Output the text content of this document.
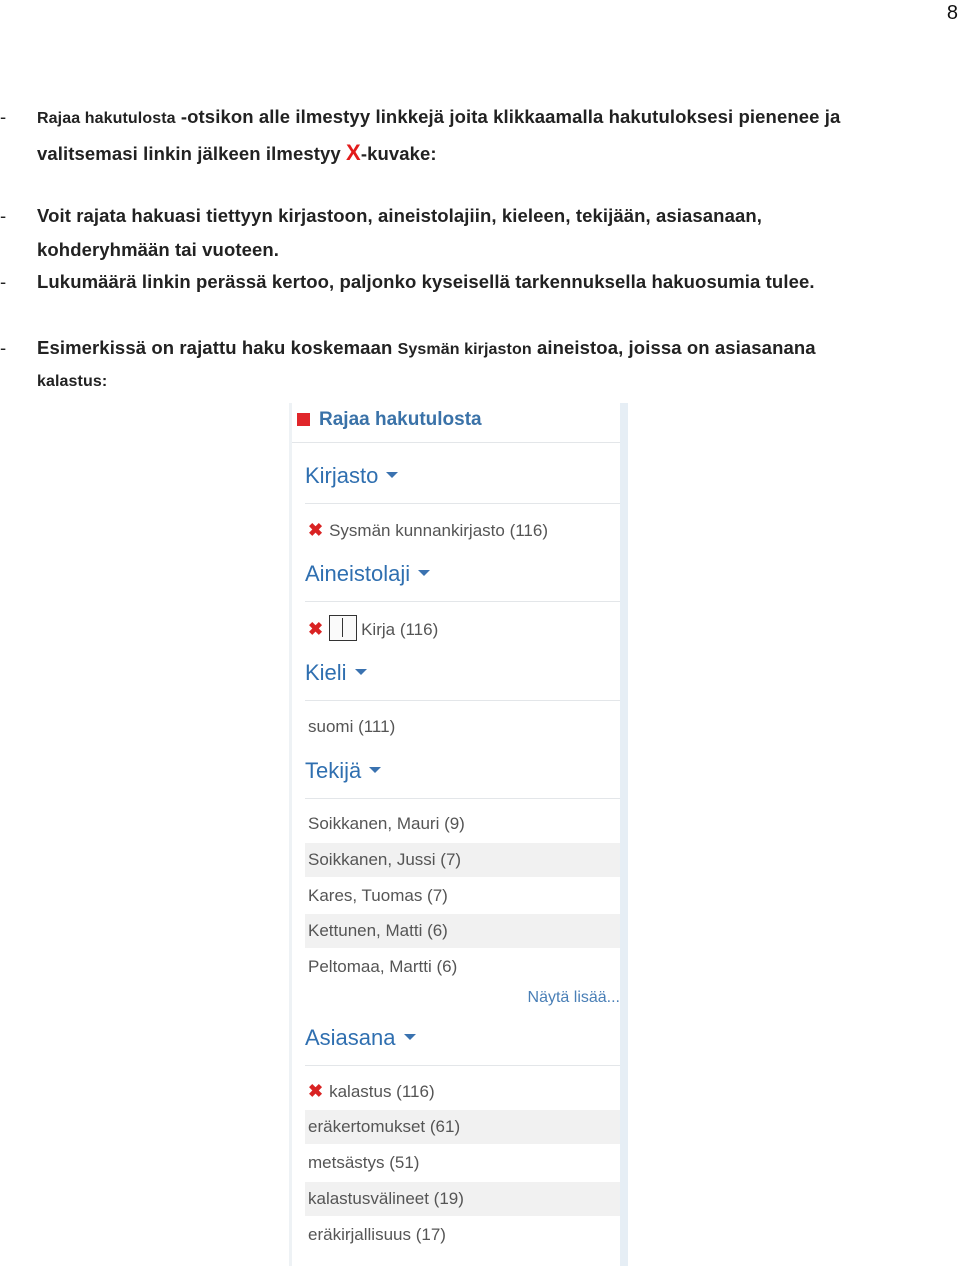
8
- Rajaa hakutulosta -otsikon alle ilmestyy linkkejä joita klikkaamalla hakutuloksesi pienenee ja
valitsemasi linkin jälkeen ilmestyy X-kuvake:
- Voit rajata hakuasi tiettyyn kirjastoon, aineistolajiin, kieleen, tekijään, asiasanaan,
kohderyhmään tai vuoteen.
- Lukumäärä linkin perässä kertoo, paljonko kyseisellä tarkennuksella hakuosumia tulee.
- Esimerkissä on rajattu haku koskemaan Sysmän kirjaston aineistoa, joissa on asiasanana
kalastus:
Rajaa hakutulosta
Kirjasto
✖ Sysmän kunnankirjasto (116)
Aineistolaji
✖ Kirja (116)
Kieli
suomi (111)
Tekijä
Soikkanen, Mauri (9)
Soikkanen, Jussi (7)
Kares, Tuomas (7)
Kettunen, Matti (6)
Peltomaa, Martti (6)
Näytä lisää...
Asiasana
✖ kalastus (116)
eräkertomukset (61)
metsästys (51)
kalastusvälineet (19)
eräkirjallisuus (17)
